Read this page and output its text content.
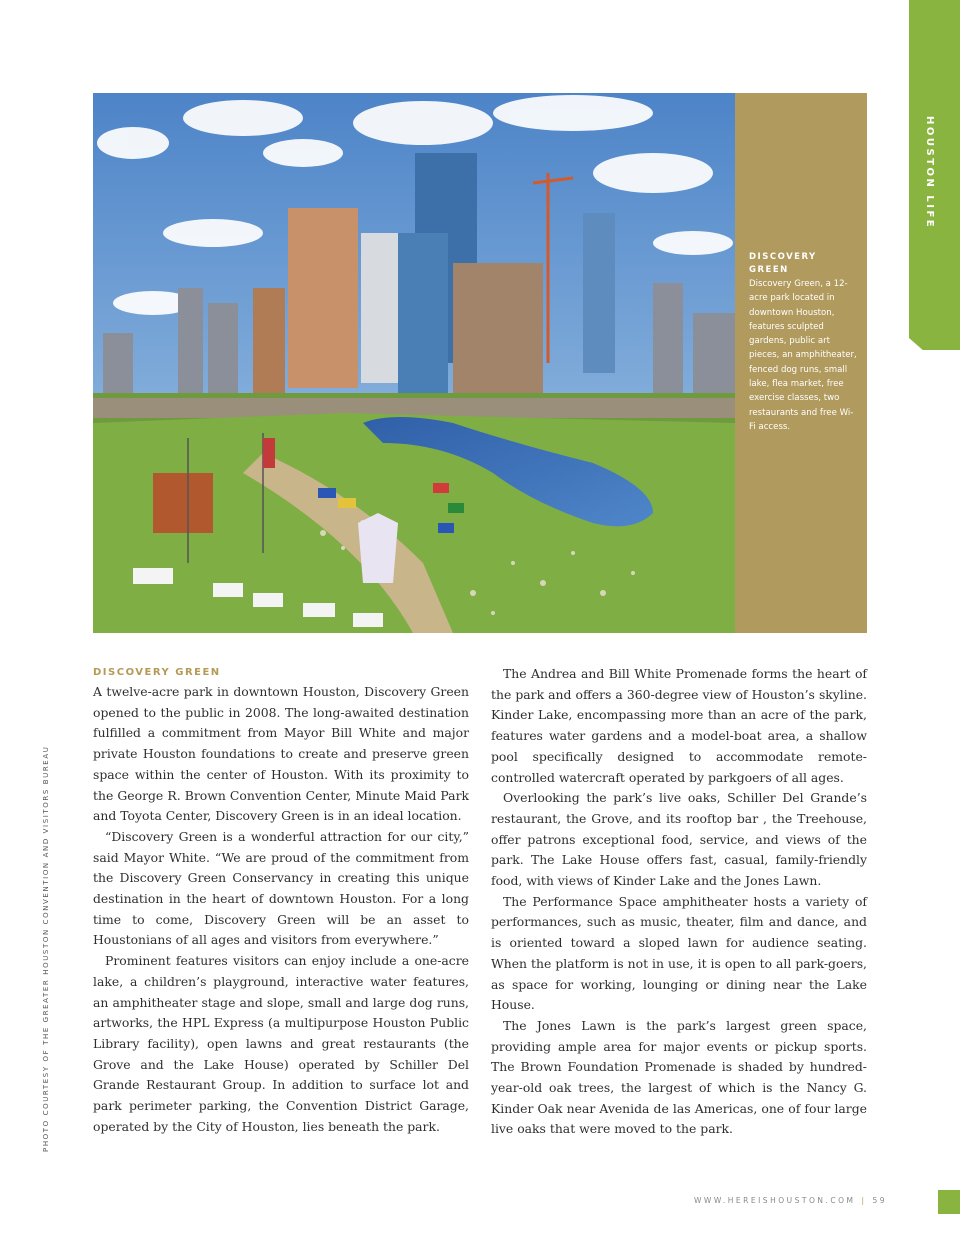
HOUSTON LIFE
DISCOVERY GREEN
Discovery Green, a 12-acre park located in downtown Houston, features sculpted gardens, public art pieces, an amphitheater, fenced dog runs, small lake, flea market, free exercise classes, two restaurants and free Wi-Fi access.
PHOTO COURTESY OF THE GREATER HOUSTON CONVENTION AND VISITORS BUREAU
DISCOVERY GREEN

A twelve-acre park in downtown Houston, Discovery Green opened to the public in 2008. The long-awaited destination fulfilled a commitment from Mayor Bill White and major private Houston foundations to create and preserve green space within the center of Houston. With its proximity to the George R. Brown Convention Center, Minute Maid Park and Toyota Center, Discovery Green is in an ideal location.

“Discovery Green is a wonderful attraction for our city,” said Mayor White. “We are proud of the commitment from the Discovery Green Conservancy in creating this unique destination in the heart of downtown Houston. For a long time to come, Discovery Green will be an asset to Houstonians of all ages and visitors from everywhere.”

Prominent features visitors can enjoy include a one-acre lake, a children’s playground, interactive water features, an amphitheater stage and slope, small and large dog runs, artworks, the HPL Express (a multipurpose Houston Public Library facility), open lawns and great restaurants (the Grove and the Lake House) operated by Schiller Del Grande Restaurant Group. In addition to surface lot and park perimeter parking, the Convention District Garage, operated by the City of Houston, lies beneath the park.

The Andrea and Bill White Promenade forms the heart of the park and offers a 360-degree view of Houston’s skyline. Kinder Lake, encompassing more than an acre of the park, features water gardens and a model-boat area, a shallow pool specifically designed to accommodate remote-controlled watercraft operated by parkgoers of all ages.

Overlooking the park’s live oaks, Schiller Del Grande’s restaurant, the Grove, and its rooftop bar , the Treehouse, offer patrons exceptional food, service, and views of the park. The Lake House offers fast, casual, family-friendly food, with views of Kinder Lake and the Jones Lawn.

The Performance Space amphitheater hosts a variety of performances, such as music, theater, film and dance, and is oriented toward a sloped lawn for audience seating. When the platform is not in use, it is open to all park-goers, as space for working, lounging or dining near the Lake House.

The Jones Lawn is the park’s largest green space, providing ample area for major events or pickup sports. The Brown Foundation Promenade is shaded by hundred-year-old oak trees, the largest of which is the Nancy G. Kinder Oak near Avenida de las Americas, one of four large live oaks that were moved to the park.

WWW.HEREISHOUSTON.COM | 59
